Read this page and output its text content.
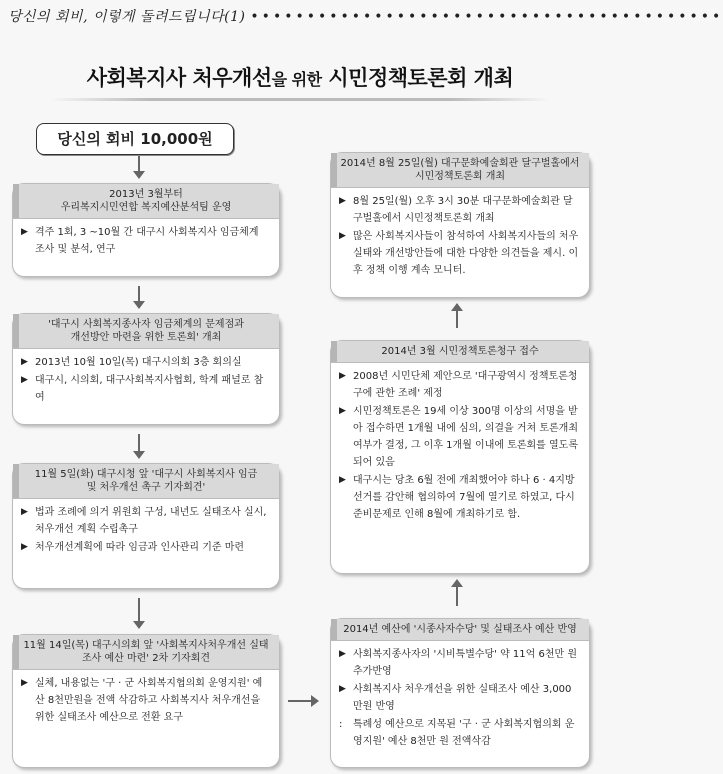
당신의 회비, 이렇게 돌려드립니다(1) ••••••••••••••••••••••••••••••••••••••••••
사회복지사 처우개선을 위한 시민정책토론회 개최
당신의 회비 10,000원
2013년 3월부터
우리복지시민연합 복지예산분석팀 운영
▶ 격주 1회, 3 ~10월 간 대구시 사회복지사 임금체계 조사 및 분석, 연구
'대구시 사회복지종사자 임금체계의 문제점과
개선방안 마련을 위한 토론회' 개최
▶ 2013년 10월 10일(목) 대구시의회 3층 회의실
▶ 대구시, 시의회, 대구사회복지사협회, 학계 패널로 참여
11월 5일(화) 대구시청 앞 '대구시 사회복지사 임금
및 처우개선 촉구 기자회견'
▶ 법과 조례에 의거 위원회 구성, 내년도 실태조사 실시, 처우개선 계획 수립촉구
▶ 처우개선계획에 따라 임금과 인사관리 기준 마련
11월 14일(목) 대구시의회 앞 '사회복지사처우개선 실태
조사 예산 마련' 2차 기자회견
▶ 실체, 내용없는 '구 · 군 사회복지협의회 운영지원' 예산 8천만원을 전액 삭감하고 사회복지사 처우개선을 위한 실태조사 예산으로 전환 요구
2014년 8월 25일(월) 대구문화예술회관 달구벌홀에서
시민정책토론회 개최
▶ 8월 25일(월) 오후 3시 30분 대구문화예술회관 달구벌홀에서 시민정책토론회 개최
▶ 많은 사회복지사들이 참석하여 사회복지사들의 처우실태와 개선방안들에 대한 다양한 의견들을 제시. 이후 정책 이행 계속 모니터.
2014년 3월 시민정책토론청구 접수
▶ 2008년 시민단체 제안으로 '대구광역시 정책토론청구에 관한 조례' 제정
▶ 시민정책토론은 19세 이상 300명 이상의 서명을 받아 접수하면 1개월 내에 심의, 의결을 거쳐 토론개최여부가 결정, 그 이후 1개월 이내에 토론회를 열도록 되어 있음
▶ 대구시는 당초 6월 전에 개최했어야 하나 6 · 4지방선거를 감안해 협의하여 7월에 열기로 하였고, 다시 준비문제로 인해 8월에 개최하기로 함.
2014년 예산에 '시종사자수당' 및 실태조사 예산 반영
▶ 사회복지종사자의 '시비특별수당' 약 11억 6천만 원 추가반영
▶ 사회복지사 처우개선을 위한 실태조사 예산 3,000만원 반영
:	특례성 예산으로 지목된 '구 · 군 사회복지협의회 운영지원' 예산 8천만 원 전액삭감
